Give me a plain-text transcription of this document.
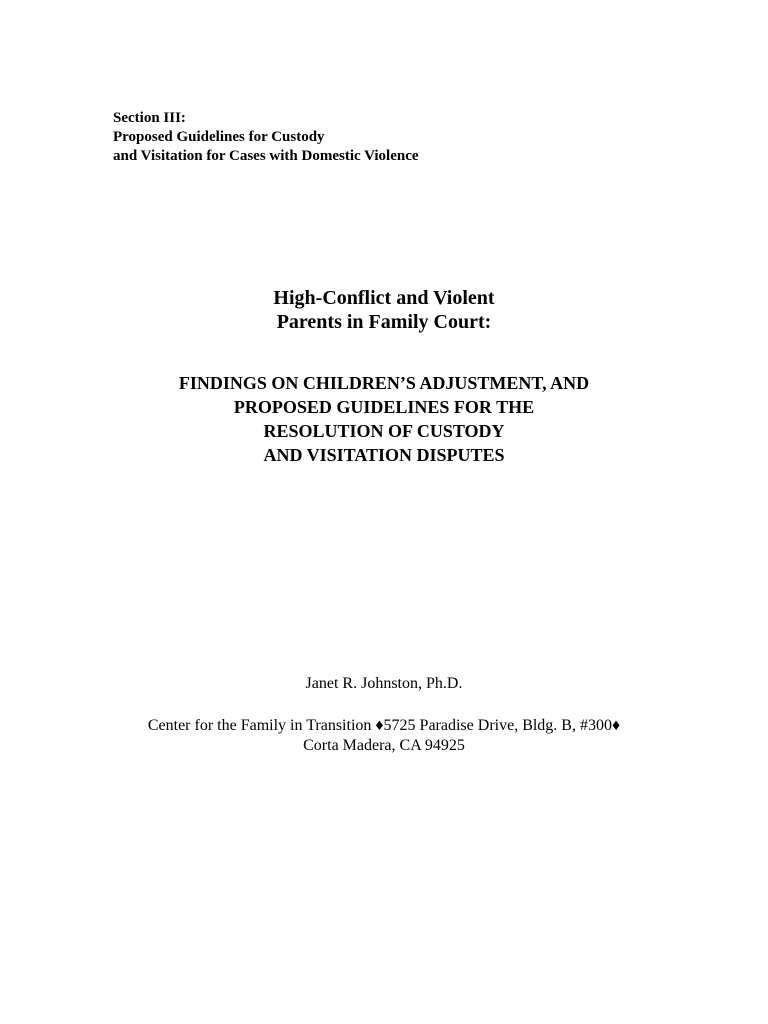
Section III:
Proposed Guidelines for Custody
and Visitation for Cases with Domestic Violence
High-Conflict and Violent
Parents in Family Court:
FINDINGS ON CHILDREN’S ADJUSTMENT, AND
PROPOSED GUIDELINES FOR THE
RESOLUTION OF CUSTODY
AND VISITATION DISPUTES
Janet R. Johnston, Ph.D.
Center for the Family in Transition ♦5725 Paradise Drive, Bldg. B, #300♦
Corta Madera, CA 94925
